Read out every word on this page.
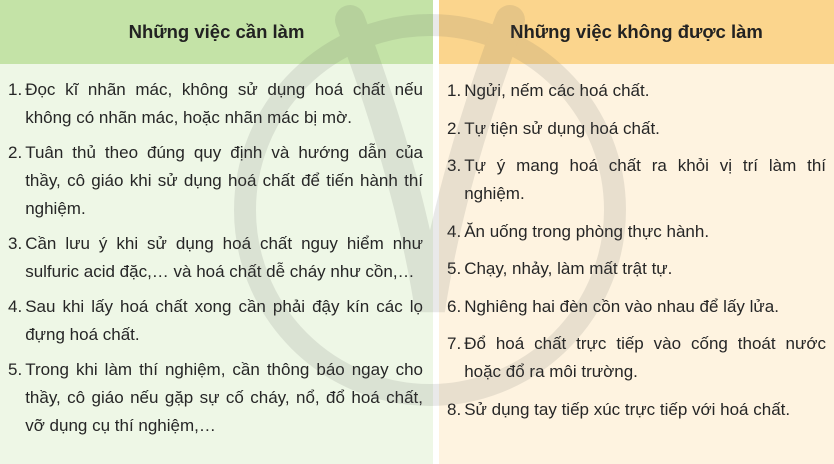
Những việc cần làm
1. Đọc kĩ nhãn mác, không sử dụng hoá chất nếu không có nhãn mác, hoặc nhãn mác bị mờ.
2. Tuân thủ theo đúng quy định và hướng dẫn của thầy, cô giáo khi sử dụng hoá chất để tiến hành thí nghiệm.
3. Cần lưu ý khi sử dụng hoá chất nguy hiểm như sulfuric acid đặc,… và hoá chất dễ cháy như cồn,…
4. Sau khi lấy hoá chất xong cần phải đậy kín các lọ đựng hoá chất.
5. Trong khi làm thí nghiệm, cần thông báo ngay cho thầy, cô giáo nếu gặp sự cố cháy, nổ, đổ hoá chất, vỡ dụng cụ thí nghiệm,…
Những việc không được làm
1. Ngửi, nếm các hoá chất.
2. Tự tiện sử dụng hoá chất.
3. Tự ý mang hoá chất ra khỏi vị trí làm thí nghiệm.
4. Ăn uống trong phòng thực hành.
5. Chạy, nhảy, làm mất trật tự.
6. Nghiêng hai đèn cồn vào nhau để lấy lửa.
7. Đổ hoá chất trực tiếp vào cống thoát nước hoặc đổ ra môi trường.
8. Sử dụng tay tiếp xúc trực tiếp với hoá chất.
